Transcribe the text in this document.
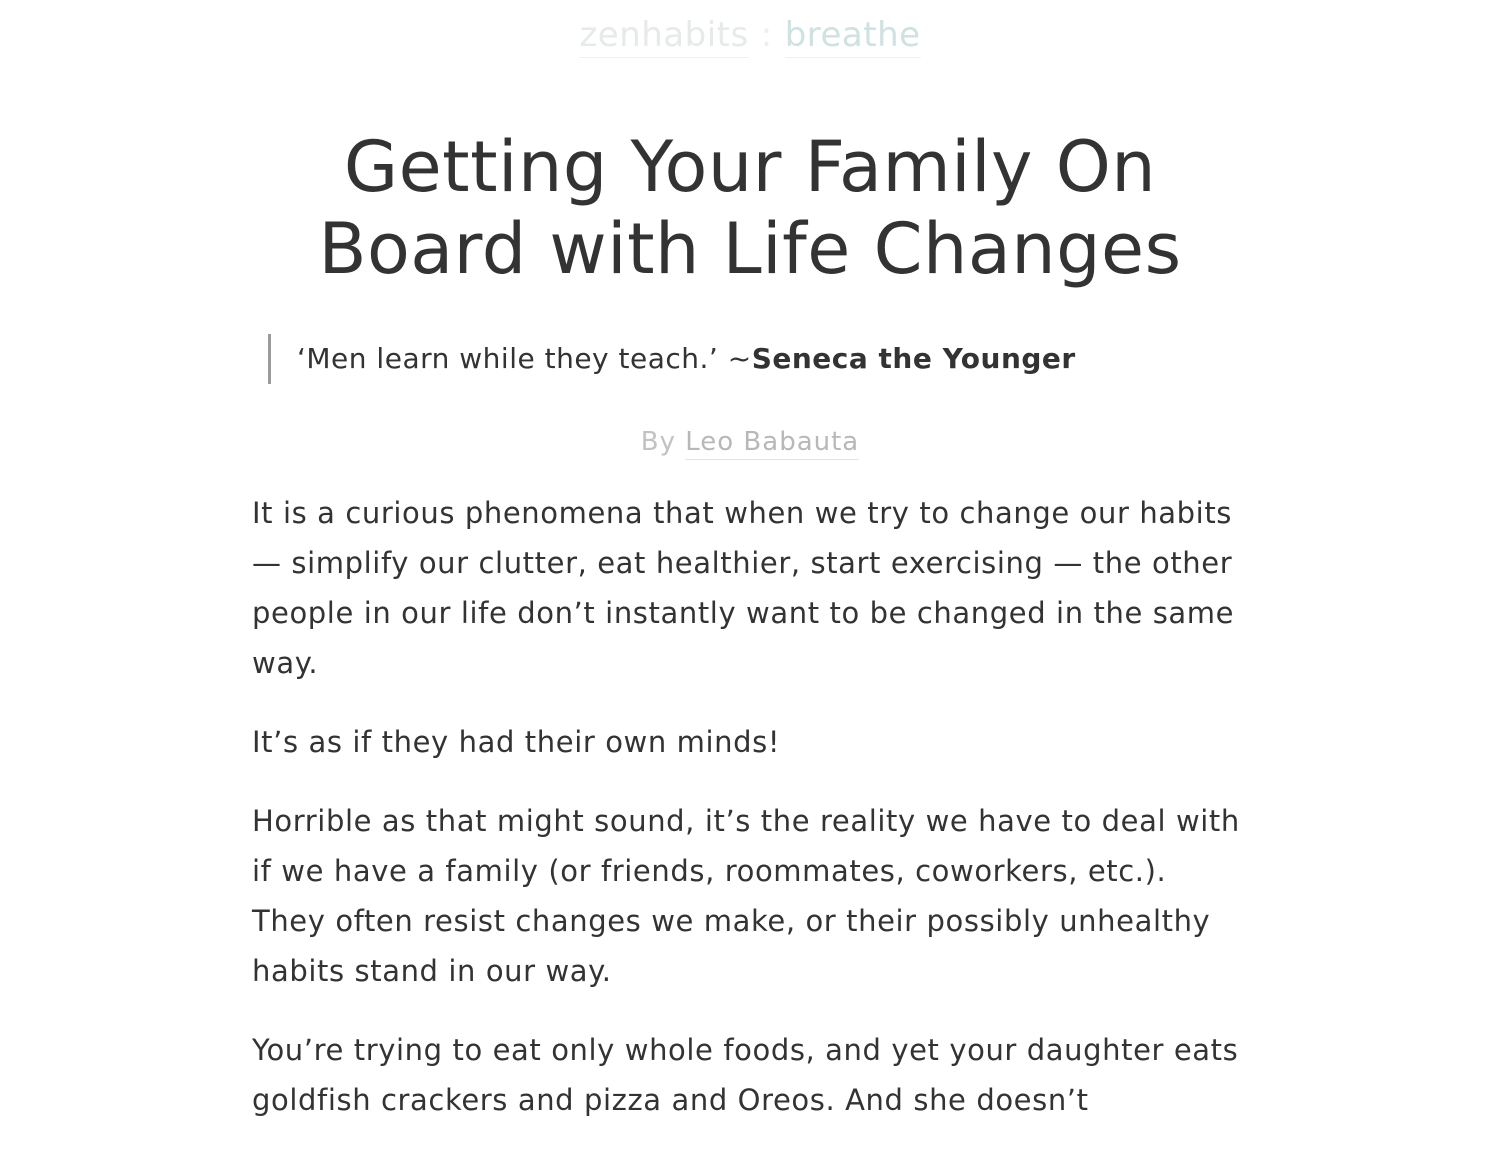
zenhabits : breathe
Getting Your Family On Board with Life Changes
‘Men learn while they teach.’ ~Seneca the Younger
By Leo Babauta

It is a curious phenomena that when we try to change our habits — simplify our clutter, eat healthier, start exercising — the other people in our life don’t instantly want to be changed in the same way.

It’s as if they had their own minds!

Horrible as that might sound, it’s the reality we have to deal with if we have a family (or friends, roommates, coworkers, etc.). They often resist changes we make, or their possibly unhealthy habits stand in our way.

You’re trying to eat only whole foods, and yet your daughter eats goldfish crackers and pizza and Oreos. And she doesn’t
